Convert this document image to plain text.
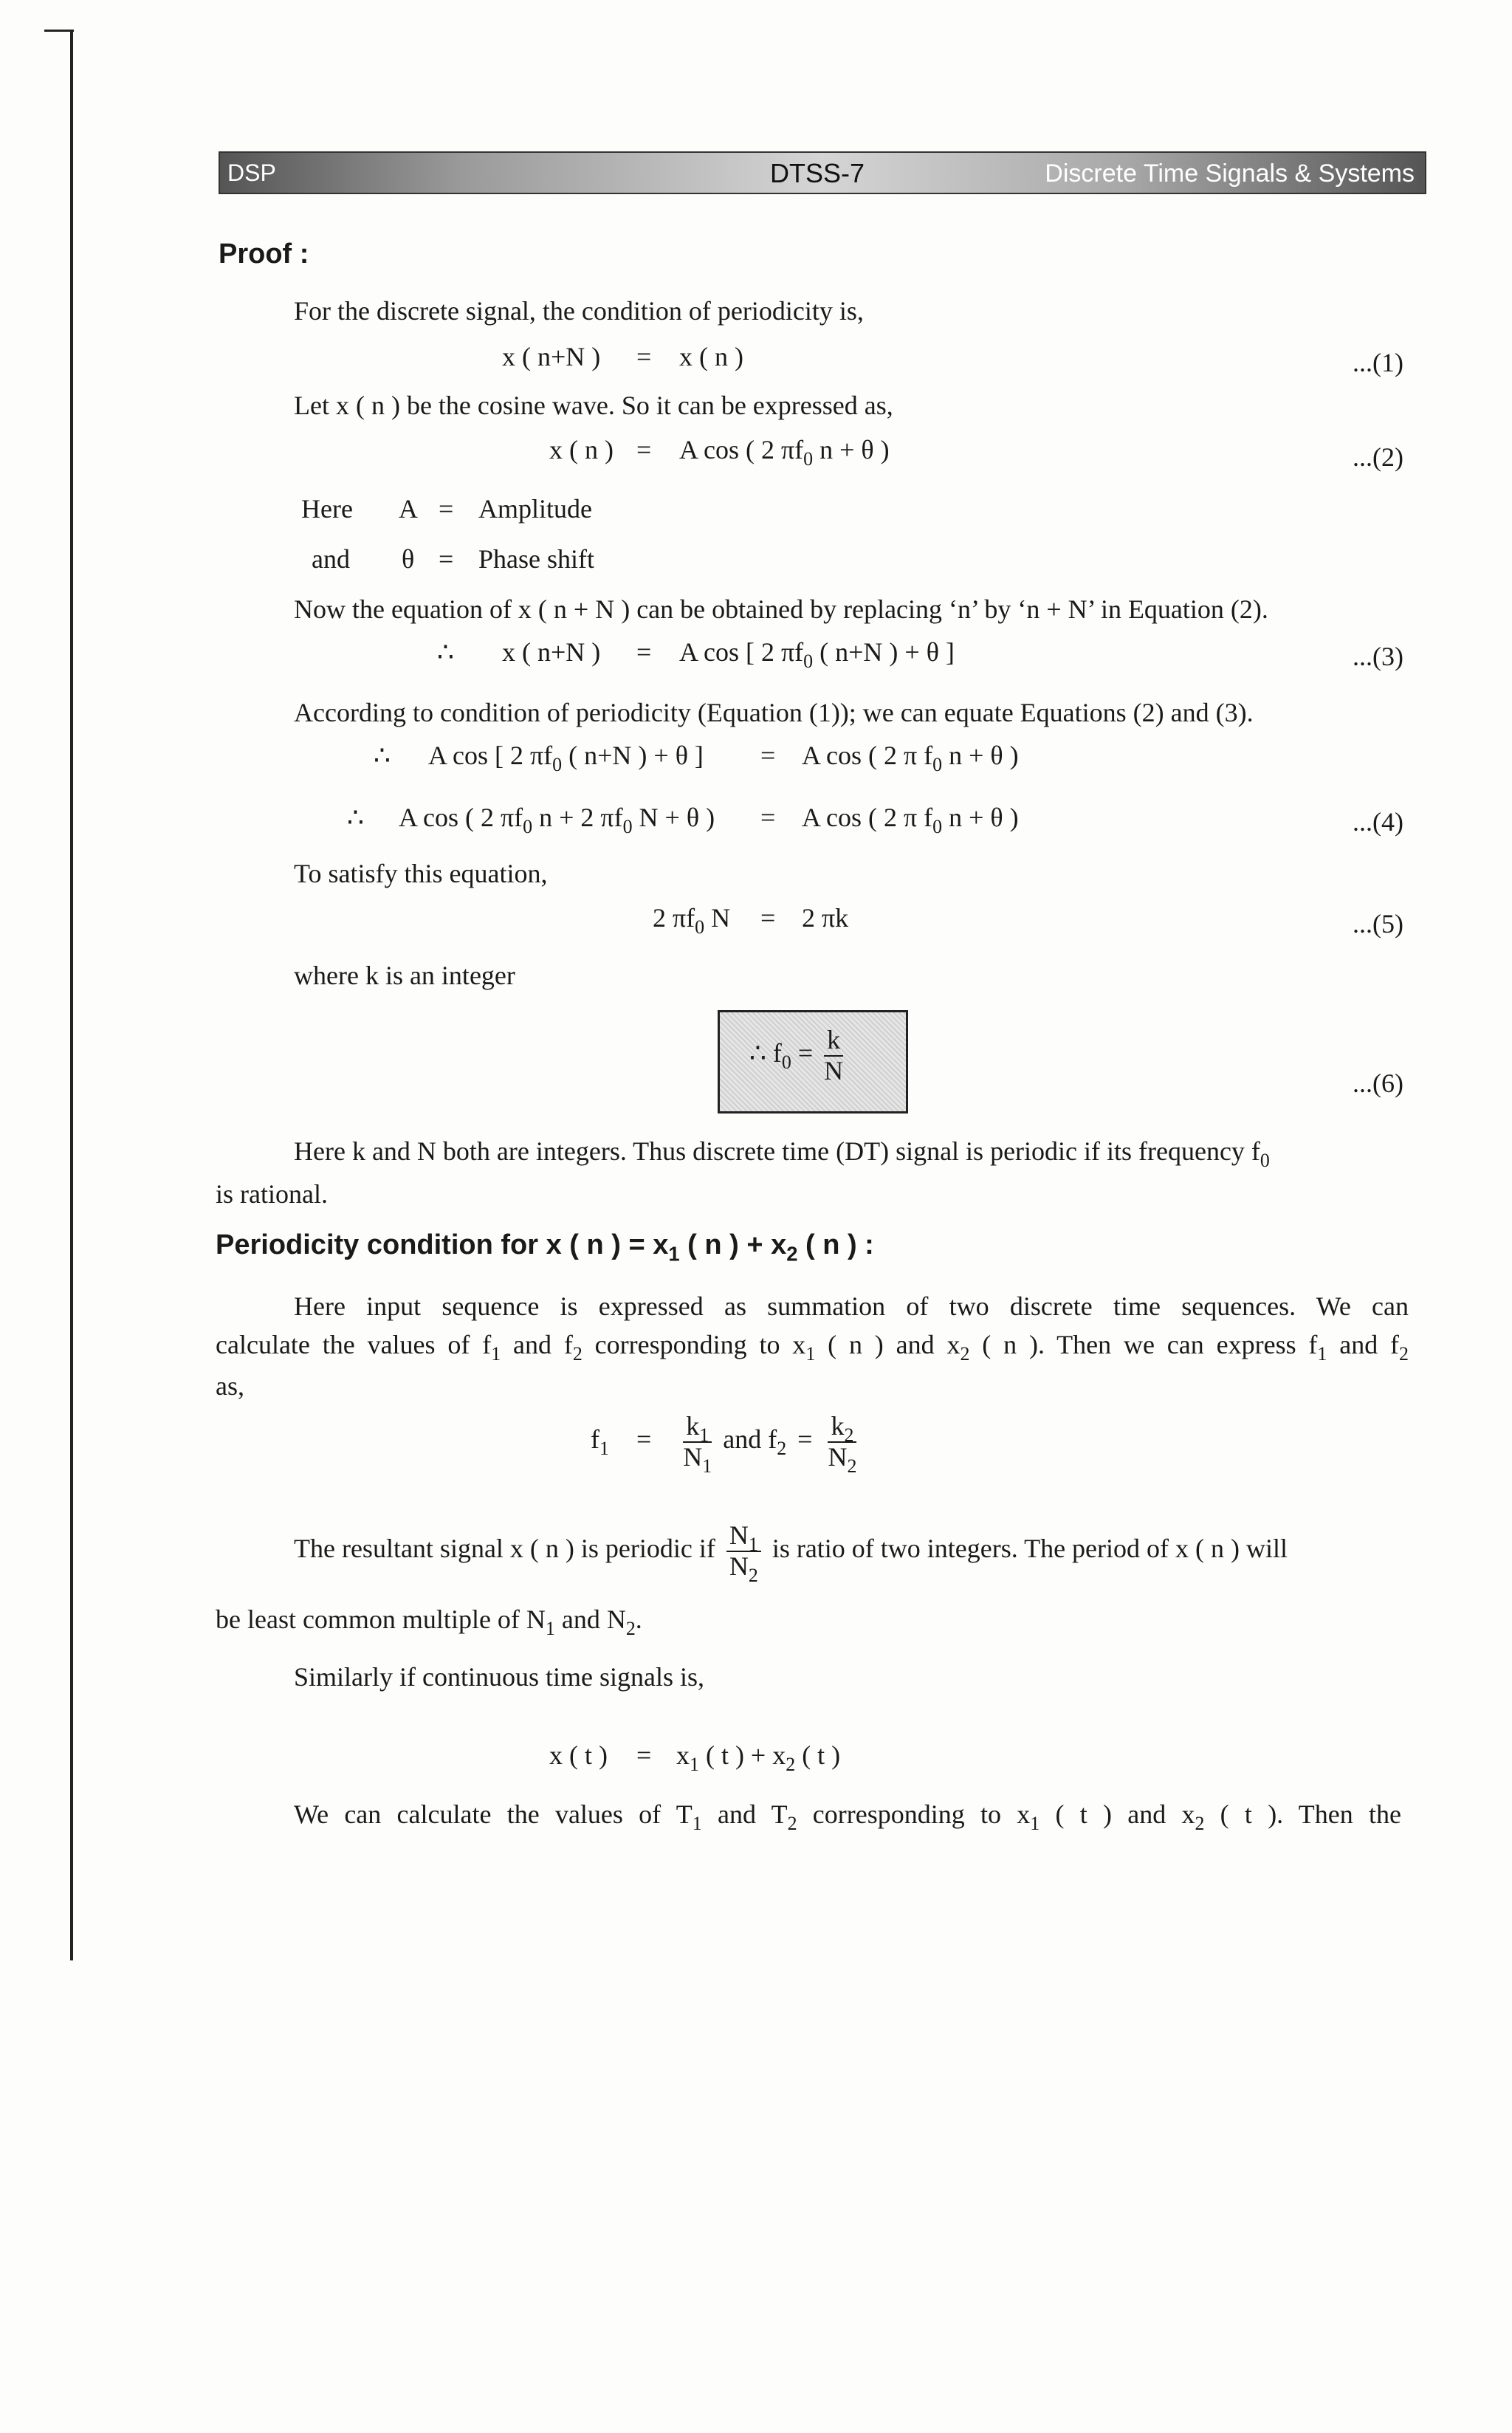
DSP	DTSS-7	Discrete Time Signals & Systems
Proof :
For the discrete signal, the condition of periodicity is,
x ( n+N ) = x ( n )	...(1)
Let x ( n ) be the cosine wave. So it can be expressed as,
x ( n ) = A cos ( 2 $\pi f_0$ n + θ )	...(2)
Here A = Amplitude
and θ = Phase shift
Now the equation of x ( n + N ) can be obtained by replacing ‘n’ by ‘n + N’ in Equation (2).
∴ x ( n+N ) = A cos [ 2 $\pi f_0$ ( n+N ) + θ ]	...(3)
According to condition of periodicity (Equation (1)); we can equate Equations (2) and (3).
∴ A cos [ 2 $\pi f_0$ ( n+N ) + θ ] = A cos ( 2 π $f_0$ n + θ )
∴ A cos ( 2 $\pi f_0$ n + 2 $\pi f_0$ N + θ ) = A cos ( 2 π $f_0$ n + θ )	...(4)
To satisfy this equation,
2 $\pi f_0$ N = 2 πk	...(5)
where k is an integer
∴ $f_0 = \frac{k}{N}$	...(6)
Here k and N both are integers. Thus discrete time (DT) signal is periodic if its frequency $f_0$
is rational.
Periodicity condition for x ( n ) = $x_1$ ( n ) + $x_2$ ( n ) :
Here input sequence is expressed as summation of two discrete time sequences. We can
calculate the values of $f_1$ and $f_2$ corresponding to $x_1$ ( n ) and $x_2$ ( n ). Then we can express $f_1$ and $f_2$
as,
$f_1 = \frac{k_1}{N_1}$ and $f_2 = \frac{k_2}{N_2}$
The resultant signal x ( n ) is periodic if $\frac{N_1}{N_2}$ is ratio of two integers. The period of x ( n ) will
be least common multiple of $N_1$ and $N_2$.
Similarly if continuous time signals is,
x ( t ) = $x_1$ ( t ) + $x_2$ ( t )
We can calculate the values of $T_1$ and $T_2$ corresponding to $x_1$ ( t ) and $x_2$ ( t ). Then the
